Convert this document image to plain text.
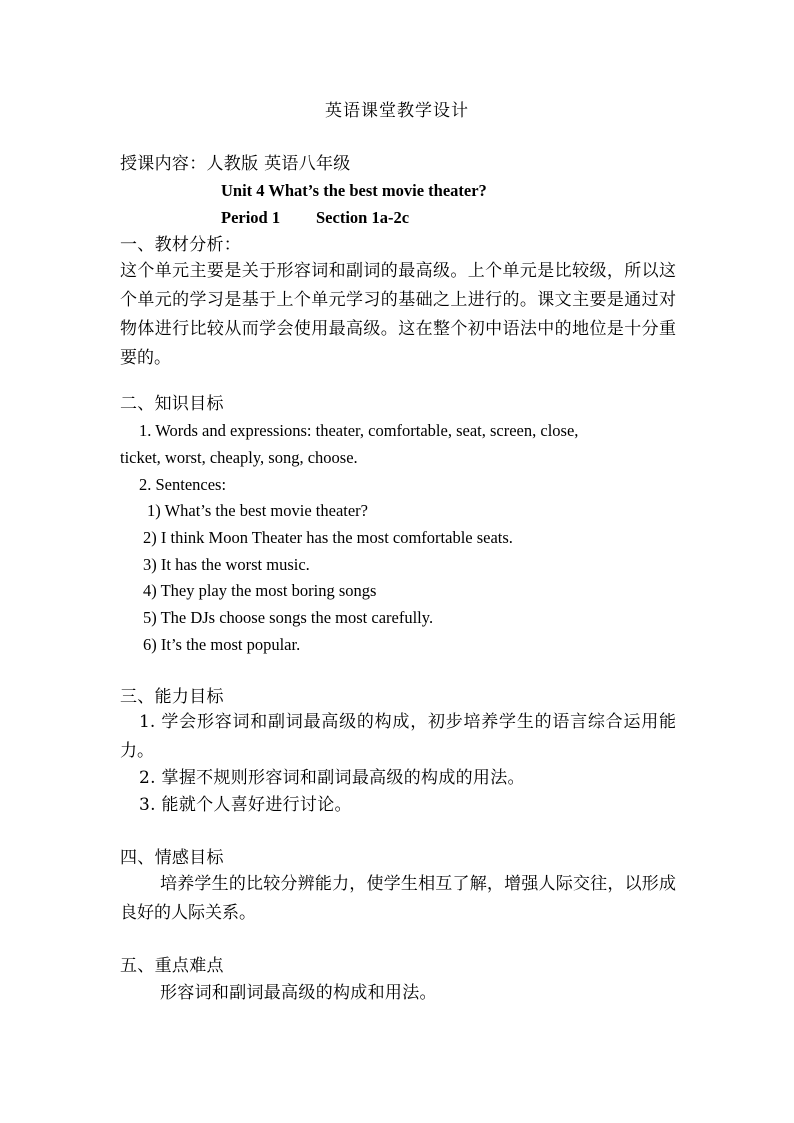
英语课堂教学设计
授课内容：人教版 英语八年级
Unit 4 What’s the best movie theater?
Period 1 Section 1a-2c
一、教材分析：
这个单元主要是关于形容词和副词的最高级。上个单元是比较级，所以这个单元的学习是基于上个单元学习的基础之上进行的。课文主要是通过对物体进行比较从而学会使用最高级。这在整个初中语法中的地位是十分重要的。
二、知识目标
1. Words and expressions: theater, comfortable, seat, screen, close,
ticket, worst, cheaply, song, choose.
2. Sentences:
1) What’s the best movie theater?
2) I think Moon Theater has the most comfortable seats.
3) It has the worst music.
4) They play the most boring songs
5) The DJs choose songs the most carefully.
6) It’s the most popular.
三、能力目标
1. 学会形容词和副词最高级的构成，初步培养学生的语言综合运用能力。
2. 掌握不规则形容词和副词最高级的构成的用法。
3. 能就个人喜好进行讨论。
四、情感目标
培养学生的比较分辨能力，使学生相互了解，增强人际交往，以形成良好的人际关系。
五、重点难点
形容词和副词最高级的构成和用法。
